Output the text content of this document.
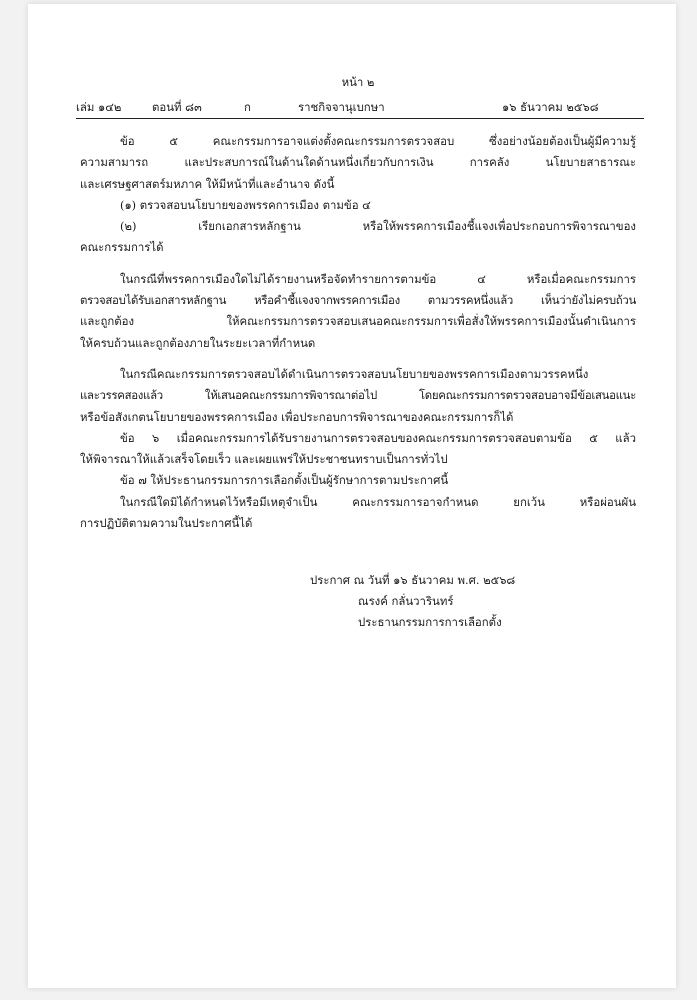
หน้า ๒
เล่ม ๑๔๒	ตอนที่ ๘๓	ก	ราชกิจจานุเบกษา	๑๖ ธันวาคม ๒๕๖๘
ข้อ ๕ คณะกรรมการอาจแต่งตั้งคณะกรรมการตรวจสอบ ซึ่งอย่างน้อยต้องเป็นผู้มีความรู้
ความสามารถ และประสบการณ์ในด้านใดด้านหนึ่งเกี่ยวกับการเงิน การคลัง นโยบายสาธารณะ
และเศรษฐศาสตร์มหภาค ให้มีหน้าที่และอำนาจ ดังนี้
(๑) ตรวจสอบนโยบายของพรรคการเมือง ตามข้อ ๔
(๒) เรียกเอกสารหลักฐาน หรือให้พรรคการเมืองชี้แจงเพื่อประกอบการพิจารณาของ
คณะกรรมการได้
ในกรณีที่พรรคการเมืองใดไม่ได้รายงานหรือจัดทำรายการตามข้อ ๔ หรือเมื่อคณะกรรมการ
ตรวจสอบได้รับเอกสารหลักฐาน หรือคำชี้แจงจากพรรคการเมือง ตามวรรคหนึ่งแล้ว เห็นว่ายังไม่ครบถ้วน
และถูกต้อง ให้คณะกรรมการตรวจสอบเสนอคณะกรรมการเพื่อสั่งให้พรรคการเมืองนั้นดำเนินการ
ให้ครบถ้วนและถูกต้องภายในระยะเวลาที่กำหนด
ในกรณีคณะกรรมการตรวจสอบได้ดำเนินการตรวจสอบนโยบายของพรรคการเมืองตามวรรคหนึ่ง
และวรรคสองแล้ว ให้เสนอคณะกรรมการพิจารณาต่อไป โดยคณะกรรมการตรวจสอบอาจมีข้อเสนอแนะ
หรือข้อสังเกตนโยบายของพรรคการเมือง เพื่อประกอบการพิจารณาของคณะกรรมการก็ได้
ข้อ ๖ เมื่อคณะกรรมการได้รับรายงานการตรวจสอบของคณะกรรมการตรวจสอบตามข้อ ๕ แล้ว
ให้พิจารณาให้แล้วเสร็จโดยเร็ว และเผยแพร่ให้ประชาชนทราบเป็นการทั่วไป
ข้อ ๗ ให้ประธานกรรมการการเลือกตั้งเป็นผู้รักษาการตามประกาศนี้
ในกรณีใดมิได้กำหนดไว้หรือมีเหตุจำเป็น คณะกรรมการอาจกำหนด ยกเว้น หรือผ่อนผัน
การปฏิบัติตามความในประกาศนี้ได้
ประกาศ ณ วันที่ ๑๖ ธันวาคม พ.ศ. ๒๕๖๘
ณรงค์ กลั่นวารินทร์
ประธานกรรมการการเลือกตั้ง
